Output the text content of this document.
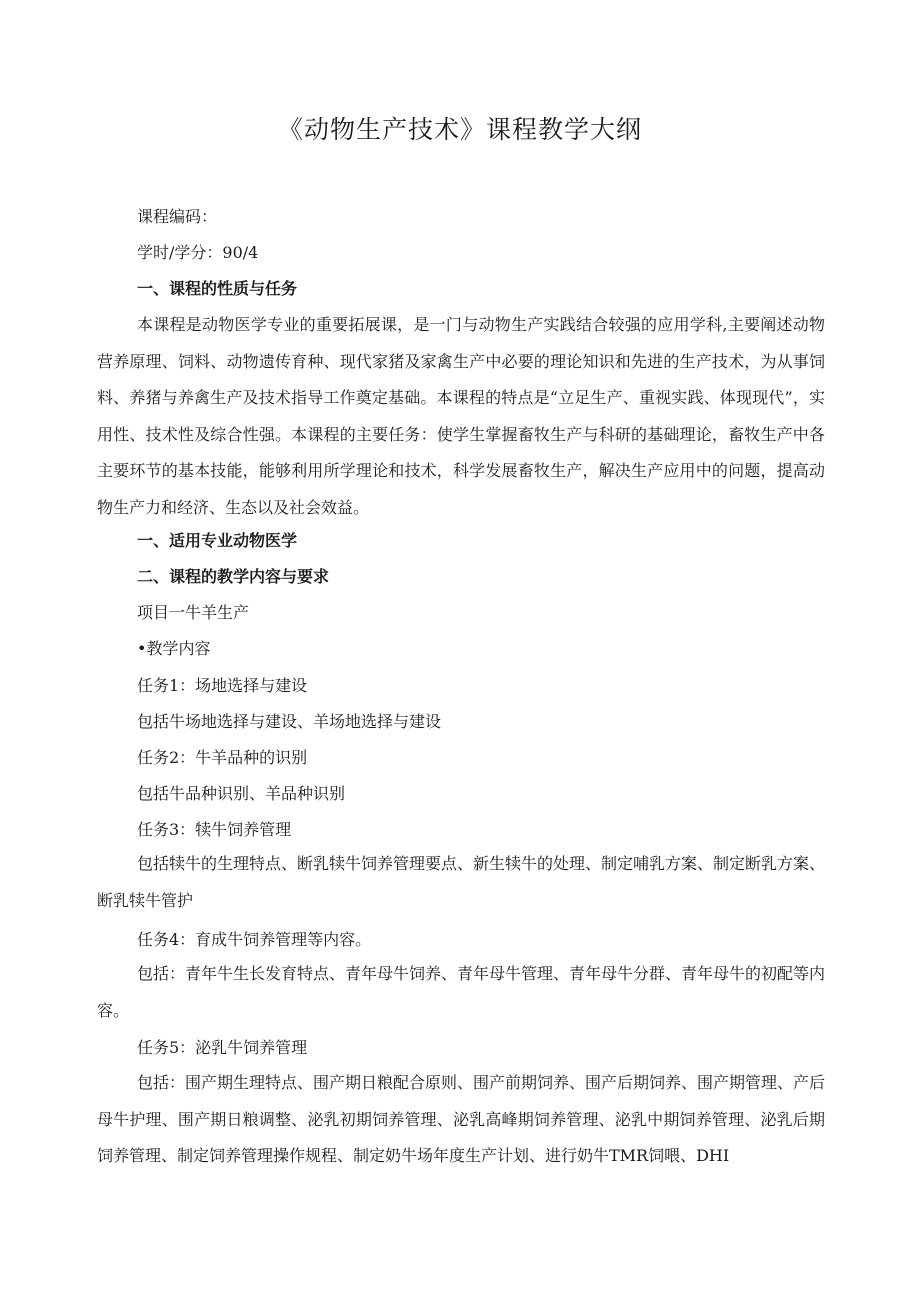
《动物生产技术》课程教学大纲
课程编码：
学时/学分：90/4
一、课程的性质与任务
本课程是动物医学专业的重要拓展课，是一门与动物生产实践结合较强的应用学科,主要阐述动物营养原理、饲料、动物遗传育种、现代家猪及家禽生产中必要的理论知识和先进的生产技术，为从事饲料、养猪与养禽生产及技术指导工作奠定基础。本课程的特点是“立足生产、重视实践、体现现代”，实用性、技术性及综合性强。本课程的主要任务：使学生掌握畜牧生产与科研的基础理论，畜牧生产中各主要环节的基本技能，能够利用所学理论和技术，科学发展畜牧生产，解决生产应用中的问题，提高动物生产力和经济、生态以及社会效益。
一、适用专业动物医学
二、课程的教学内容与要求
项目一牛羊生产
•教学内容
任务1：场地选择与建设
包括牛场地选择与建设、羊场地选择与建设
任务2：牛羊品种的识别
包括牛品种识别、羊品种识别
任务3：犊牛饲养管理
包括犊牛的生理特点、断乳犊牛饲养管理要点、新生犊牛的处理、制定哺乳方案、制定断乳方案、断乳犊牛管护
任务4：育成牛饲养管理等内容。
包括：青年牛生长发育特点、青年母牛饲养、青年母牛管理、青年母牛分群、青年母牛的初配等内容。
任务5：泌乳牛饲养管理
包括：围产期生理特点、围产期日粮配合原则、围产前期饲养、围产后期饲养、围产期管理、产后母牛护理、围产期日粮调整、泌乳初期饲养管理、泌乳高峰期饲养管理、泌乳中期饲养管理、泌乳后期饲养管理、制定饲养管理操作规程、制定奶牛场年度生产计划、进行奶牛TMR饲喂、DHI
